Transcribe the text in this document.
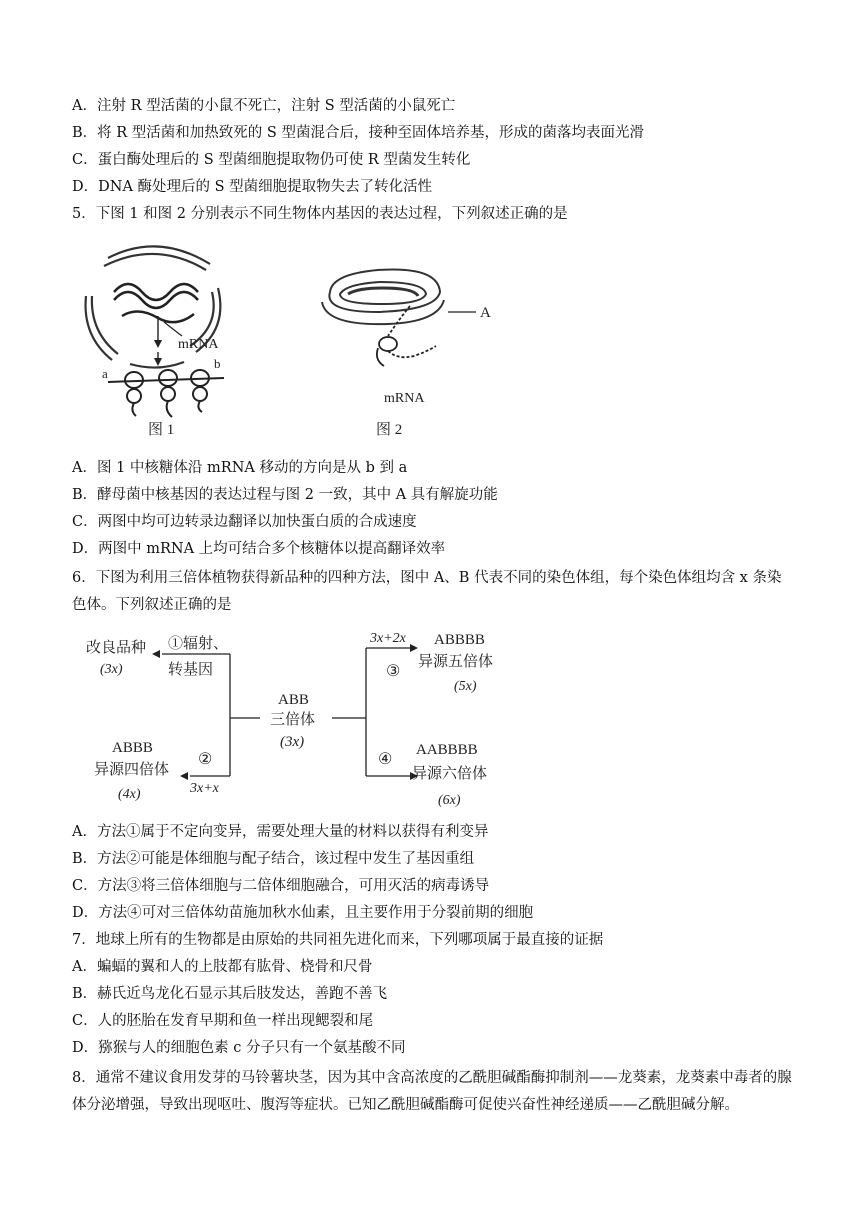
A．注射 R 型活菌的小鼠不死亡，注射 S 型活菌的小鼠死亡
B．将 R 型活菌和加热致死的 S 型菌混合后，接种至固体培养基，形成的菌落均表面光滑
C．蛋白酶处理后的 S 型菌细胞提取物仍可使 R 型菌发生转化
D．DNA 酶处理后的 S 型菌细胞提取物失去了转化活性
5．下图 1 和图 2 分别表示不同生物体内基因的表达过程，下列叙述正确的是
mRNA
a
b
图 1
A
mRNA
图 2
A．图 1 中核糖体沿 mRNA 移动的方向是从 b 到 a
B．酵母菌中核基因的表达过程与图 2 一致，其中 A 具有解旋功能
C．两图中均可边转录边翻译以加快蛋白质的合成速度
D．两图中 mRNA 上均可结合多个核糖体以提高翻译效率
6．下图为利用三倍体植物获得新品种的四种方法，图中 A、B 代表不同的染色体组，每个染色体组均含 x 条染色体。下列叙述正确的是
ABB
三倍体
(3x)
改良品种
(3x)
①辐射、
转基因
ABBB
异源四倍体
(4x)
②
3x+x
3x+2x
③
ABBBB
异源五倍体
(5x)
④
AABBBB
异源六倍体
(6x)
A．方法①属于不定向变异，需要处理大量的材料以获得有利变异
B．方法②可能是体细胞与配子结合，该过程中发生了基因重组
C．方法③将三倍体细胞与二倍体细胞融合，可用灭活的病毒诱导
D．方法④可对三倍体幼苗施加秋水仙素，且主要作用于分裂前期的细胞
7．地球上所有的生物都是由原始的共同祖先进化而来，下列哪项属于最直接的证据
A．蝙蝠的翼和人的上肢都有肱骨、桡骨和尺骨
B．赫氏近鸟龙化石显示其后肢发达，善跑不善飞
C．人的胚胎在发育早期和鱼一样出现鳃裂和尾
D．猕猴与人的细胞色素 c 分子只有一个氨基酸不同
8．通常不建议食用发芽的马铃薯块茎，因为其中含高浓度的乙酰胆碱酯酶抑制剂——龙葵素，龙葵素中毒者的腺体分泌增强，导致出现呕吐、腹泻等症状。已知乙酰胆碱酯酶可促使兴奋性神经递质——乙酰胆碱分解。
